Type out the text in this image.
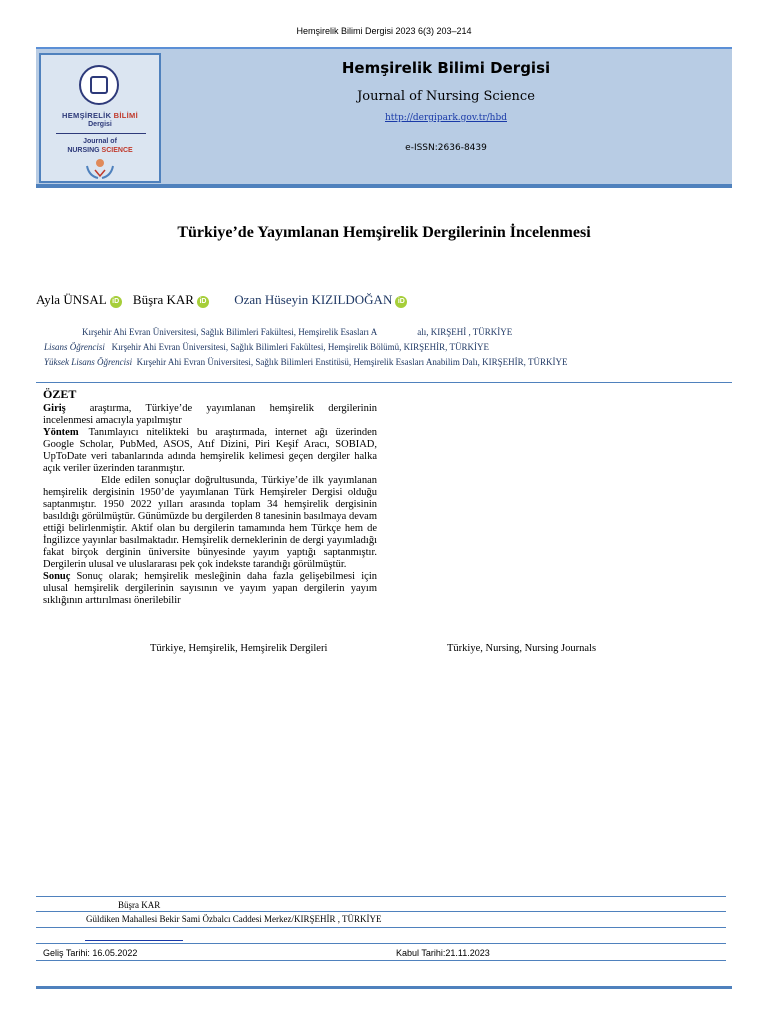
Hemşirelik Bilimi Dergisi 2023 6(3) 203–214
HEMŞİRELİK BİLİMİ
Dergisi
Journal of
NURSING SCIENCE
Hemşirelik Bilimi Dergisi
Journal of Nursing Science
http://dergipark.gov.tr/hbd
e-ISSN:2636-8439
Türkiye’de Yayımlanan Hemşirelik Dergilerinin İncelenmesi
Ayla ÜNSAL iD Büşra KAR iD Ozan Hüseyin KIZILDOĞAN iD
Kırşehir Ahi Evran Üniversitesi, Sağlık Bilimleri Fakültesi, Hemşirelik Esasları A	alı, KIRŞEHİ , TÜRKİYE
Lisans Öğrencisi Kırşehir Ahi Evran Üniversitesi, Sağlık Bilimleri Fakültesi, Hemşirelik Bölümü, KIRŞEHİR, TÜRKİYE
Yüksek Lisans Öğrencisi Kırşehir Ahi Evran Üniversitesi, Sağlık Bilimleri Enstitüsü, Hemşirelik Esasları Anabilim Dalı, KIRŞEHİR, TÜRKİYE
ÖZET

Giriş araştırma, Türkiye’de yayımlanan hemşirelik dergilerinin incelenmesi amacıyla yapılmıştır

Yöntem Tanımlayıcı nitelikteki bu araştırmada, internet ağı üzerinden Google Scholar, PubMed, ASOS, Atıf Dizini, Piri Keşif Aracı, SOBIAD, UpToDate veri tabanlarında adında hemşirelik kelimesi geçen dergiler halka açık veriler üzerinden taranmıştır.

Elde edilen sonuçlar doğrultusunda, Türkiye’de ilk yayımlanan hemşirelik dergisinin 1950’de yayımlanan Türk Hemşireler Dergisi olduğu saptanmıştır. 1950 2022 yılları arasında toplam 34 hemşirelik dergisinin basıldığı görülmüştür. Günümüzde bu dergilerden 8 tanesinin basılmaya devam ettiği belirlenmiştir. Aktif olan bu dergilerin tamamında hem Türkçe hem de İngilizce yayınlar basılmaktadır. Hemşirelik derneklerinin de dergi yayımladığı fakat birçok derginin üniversite bünyesinde yayım yaptığı saptanmıştır. Dergilerin ulusal ve uluslararası pek çok indekste tarandığı görülmüştür.

Sonuç Sonuç olarak; hemşirelik mesleğinin daha fazla gelişebilmesi için ulusal hemşirelik dergilerinin sayısının ve yayım yapan dergilerin yayım sıklığının arttırılması önerilebilir

Türkiye, Hemşirelik, Hemşirelik Dergileri	Türkiye, Nursing, Nursing Journals
Büşra KAR
Güldiken Mahallesi Bekir Sami Özbalcı Caddesi Merkez/KIRŞEHİR , TÜRKİYE
Geliş Tarihi: 16.05.2022	Kabul Tarihi:21.11.2023
